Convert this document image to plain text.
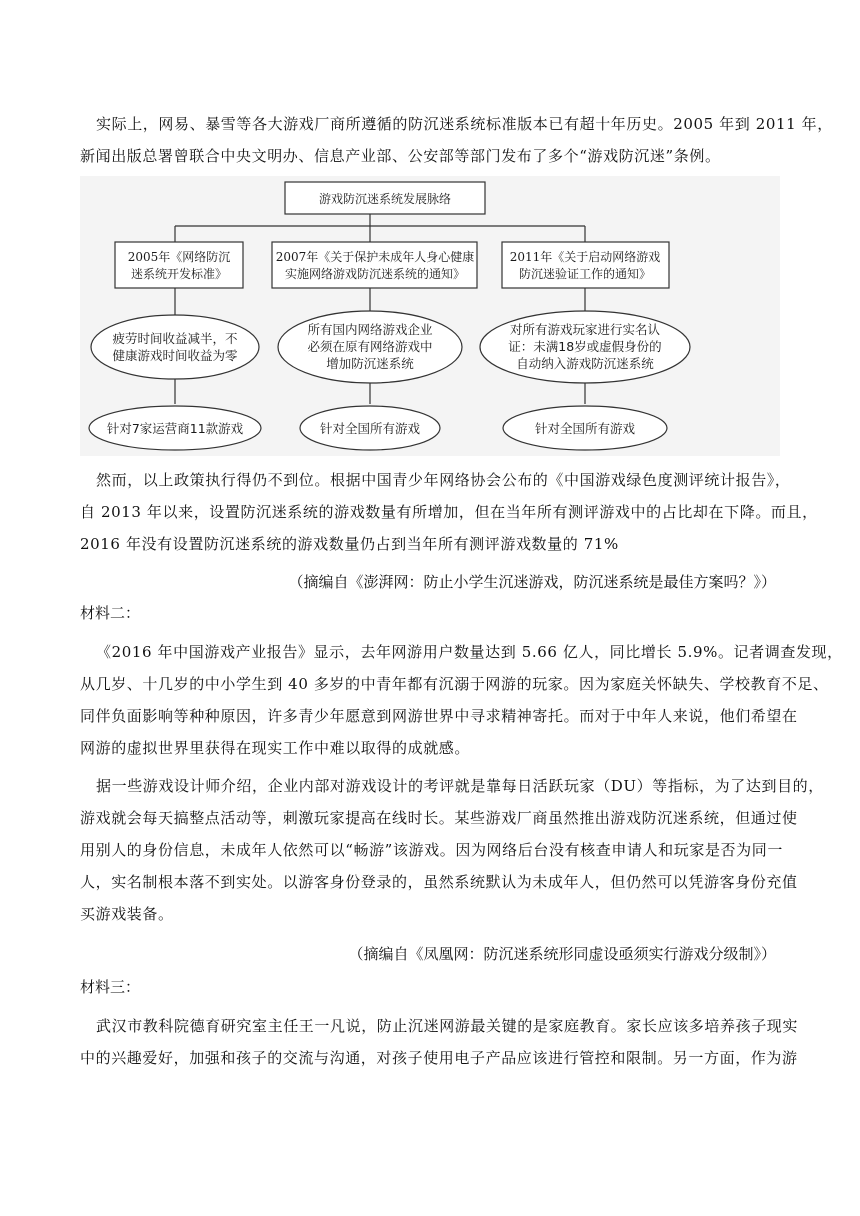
实际上，网易、暴雪等各大游戏厂商所遵循的防沉迷系统标准版本已有超十年历史。2005 年到 2011 年，
新闻出版总署曾联合中央文明办、信息产业部、公安部等部门发布了多个“游戏防沉迷”条例。

游戏防沉迷系统发展脉络
2005年《网络防沉
迷系统开发标准》
疲劳时间收益减半，不
健康游戏时间收益为零
针对7家运营商11款游戏
2007年《关于保护未成年人身心健康
实施网络游戏防沉迷系统的通知》
所有国内网络游戏企业
必须在原有网络游戏中
增加防沉迷系统
针对全国所有游戏
2011年《关于启动网络游戏
防沉迷验证工作的通知》
对所有游戏玩家进行实名认
证：未满18岁或虚假身份的
自动纳入游戏防沉迷系统
针对全国所有游戏

然而，以上政策执行得仍不到位。根据中国青少年网络协会公布的《中国游戏绿色度测评统计报告》，
自 2013 年以来，设置防沉迷系统的游戏数量有所增加，但在当年所有测评游戏中的占比却在下降。而且，
2016 年没有设置防沉迷系统的游戏数量仍占到当年所有测评游戏数量的 71%

（摘编自《澎湃网：防止小学生沉迷游戏，防沉迷系统是最佳方案吗？》）

材料二：

《2016 年中国游戏产业报告》显示，去年网游用户数量达到 5.66 亿人，同比增长 5.9%。记者调查发现，
从几岁、十几岁的中小学生到 40 多岁的中青年都有沉溺于网游的玩家。因为家庭关怀缺失、学校教育不足、
同伴负面影响等种种原因，许多青少年愿意到网游世界中寻求精神寄托。而对于中年人来说，他们希望在
网游的虚拟世界里获得在现实工作中难以取得的成就感。

据一些游戏设计师介绍，企业内部对游戏设计的考评就是靠每日活跃玩家（DU）等指标，为了达到目的，
游戏就会每天搞整点活动等，刺激玩家提高在线时长。某些游戏厂商虽然推出游戏防沉迷系统，但通过使
用别人的身份信息，未成年人依然可以“畅游”该游戏。因为网络后台没有核查申请人和玩家是否为同一
人，实名制根本落不到实处。以游客身份登录的，虽然系统默认为未成年人，但仍然可以凭游客身份充值
买游戏装备。

（摘编自《凤凰网：防沉迷系统形同虚设亟须实行游戏分级制》）

材料三：

武汉市教科院德育研究室主任王一凡说，防止沉迷网游最关键的是家庭教育。家长应该多培养孩子现实
中的兴趣爱好，加强和孩子的交流与沟通，对孩子使用电子产品应该进行管控和限制。另一方面，作为游
